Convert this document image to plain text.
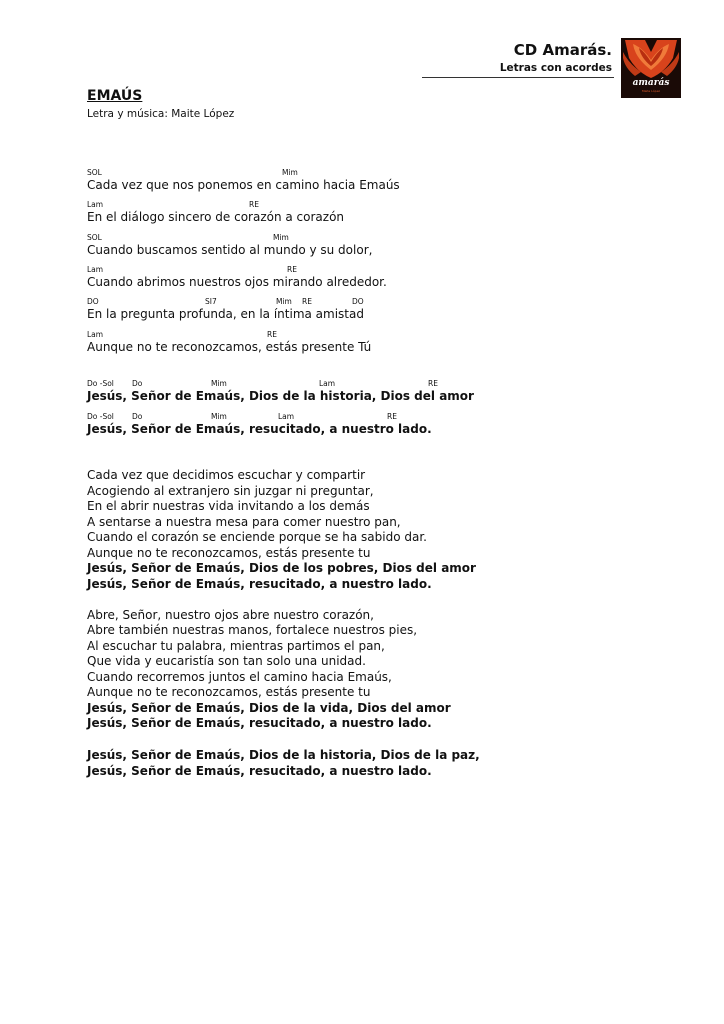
CD Amarás.
Letras con acordes
amarás
Maite López
EMAÚS
Letra y música: Maite López
SOL	Mim
Cada vez que nos ponemos en camino hacia Emaús
Lam	RE
En el diálogo sincero de corazón a corazón
SOL	Mim
Cuando buscamos sentido al mundo y su dolor,
Lam	RE
Cuando abrimos nuestros ojos mirando alrededor.
DO	SI7	Mim RE	DO
En la pregunta profunda, en la íntima amistad
Lam	RE
Aunque no te reconozcamos, estás presente Tú
Do -Sol Do	Mim	Lam	RE
Jesús, Señor de Emaús, Dios de la historia, Dios del amor
Do -Sol Do	Mim	Lam	RE
Jesús, Señor de Emaús, resucitado, a nuestro lado.
Cada vez que decidimos escuchar y compartir
Acogiendo al extranjero sin juzgar ni preguntar,
En el abrir nuestras vida invitando a los demás
A sentarse a nuestra mesa para comer nuestro pan,
Cuando el corazón se enciende porque se ha sabido dar.
Aunque no te reconozcamos, estás presente tu
Jesús, Señor de Emaús, Dios de los pobres, Dios del amor
Jesús, Señor de Emaús, resucitado, a nuestro lado.
Abre, Señor, nuestro ojos abre nuestro corazón,
Abre también nuestras manos, fortalece nuestros pies,
Al escuchar tu palabra, mientras partimos el pan,
Que vida y eucaristía son tan solo una unidad.
Cuando recorremos juntos el camino hacia Emaús,
Aunque no te reconozcamos, estás presente tu
Jesús, Señor de Emaús, Dios de la vida, Dios del amor
Jesús, Señor de Emaús, resucitado, a nuestro lado.
Jesús, Señor de Emaús, Dios de la historia, Dios de la paz,
Jesús, Señor de Emaús, resucitado, a nuestro lado.
